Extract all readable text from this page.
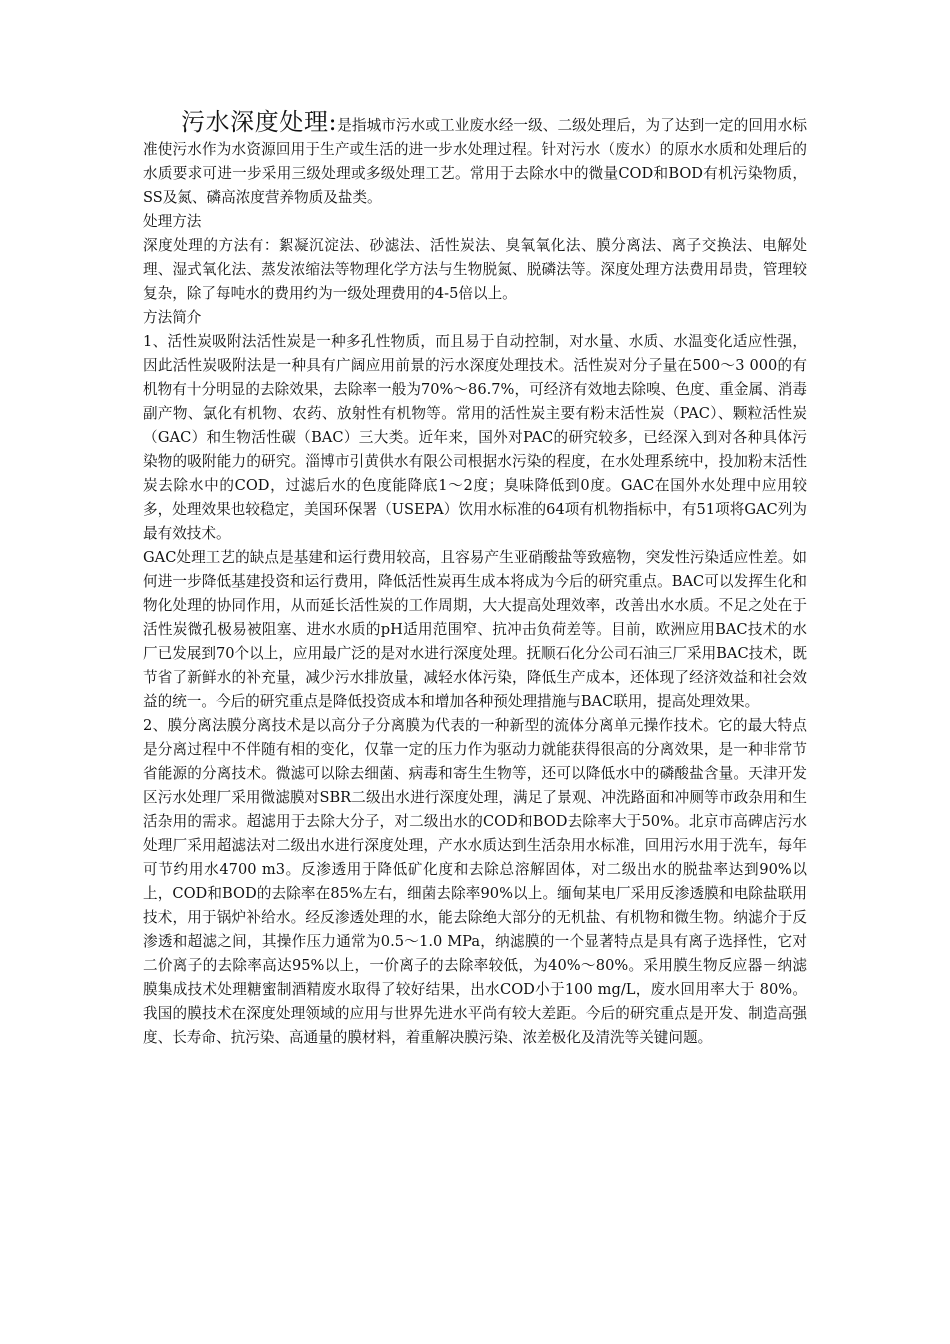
污水深度处理:是指城市污水或工业废水经一级、二级处理后，为了达到一定的回用水标准使污水作为水资源回用于生产或生活的进一步水处理过程。针对污水（废水）的原水水质和处理后的水质要求可进一步采用三级处理或多级处理工艺。常用于去除水中的微量COD和BOD有机污染物质，SS及氮、磷高浓度营养物质及盐类。

处理方法

深度处理的方法有：絮凝沉淀法、砂滤法、活性炭法、臭氧氧化法、膜分离法、离子交换法、电解处理、湿式氧化法、蒸发浓缩法等物理化学方法与生物脱氮、脱磷法等。深度处理方法费用昂贵，管理较复杂，除了每吨水的费用约为一级处理费用的4-5倍以上。

方法简介

1、活性炭吸附法活性炭是一种多孔性物质，而且易于自动控制，对水量、水质、水温变化适应性强，因此活性炭吸附法是一种具有广阔应用前景的污水深度处理技术。活性炭对分子量在500～3 000的有机物有十分明显的去除效果，去除率一般为70%～86.7%，可经济有效地去除嗅、色度、重金属、消毒副产物、氯化有机物、农药、放射性有机物等。常用的活性炭主要有粉末活性炭（PAC）、颗粒活性炭（GAC）和生物活性碳（BAC）三大类。近年来，国外对PAC的研究较多，已经深入到对各种具体污染物的吸附能力的研究。淄博市引黄供水有限公司根据水污染的程度，在水处理系统中，投加粉末活性炭去除水中的COD，过滤后水的色度能降底1～2度；臭味降低到0度。GAC在国外水处理中应用较多，处理效果也较稳定，美国环保署（USEPA）饮用水标准的64项有机物指标中，有51项将GAC列为最有效技术。

GAC处理工艺的缺点是基建和运行费用较高，且容易产生亚硝酸盐等致癌物，突发性污染适应性差。如何进一步降低基建投资和运行费用，降低活性炭再生成本将成为今后的研究重点。BAC可以发挥生化和物化处理的协同作用，从而延长活性炭的工作周期，大大提高处理效率，改善出水水质。不足之处在于活性炭微孔极易被阻塞、进水水质的pH适用范围窄、抗冲击负荷差等。目前，欧洲应用BAC技术的水厂已发展到70个以上，应用最广泛的是对水进行深度处理。抚顺石化分公司石油三厂采用BAC技术，既节省了新鲜水的补充量，减少污水排放量，减轻水体污染，降低生产成本，还体现了经济效益和社会效益的统一。今后的研究重点是降低投资成本和增加各种预处理措施与BAC联用，提高处理效果。

2、膜分离法膜分离技术是以高分子分离膜为代表的一种新型的流体分离单元操作技术。它的最大特点是分离过程中不伴随有相的变化，仅靠一定的压力作为驱动力就能获得很高的分离效果，是一种非常节省能源的分离技术。微滤可以除去细菌、病毒和寄生生物等，还可以降低水中的磷酸盐含量。天津开发区污水处理厂采用微滤膜对SBR二级出水进行深度处理，满足了景观、冲洗路面和冲厕等市政杂用和生活杂用的需求。超滤用于去除大分子，对二级出水的COD和BOD去除率大于50%。北京市高碑店污水处理厂采用超滤法对二级出水进行深度处理，产水水质达到生活杂用水标准，回用污水用于洗车，每年可节约用水4700 m3。反渗透用于降低矿化度和去除总溶解固体，对二级出水的脱盐率达到90%以上，COD和BOD的去除率在85%左右，细菌去除率90%以上。缅甸某电厂采用反渗透膜和电除盐联用技术，用于锅炉补给水。经反渗透处理的水，能去除绝大部分的无机盐、有机物和微生物。纳滤介于反渗透和超滤之间，其操作压力通常为0.5～1.0 MPa，纳滤膜的一个显著特点是具有离子选择性，它对二价离子的去除率高达95%以上，一价离子的去除率较低，为40%～80%。采用膜生物反应器－纳滤膜集成技术处理糖蜜制酒精废水取得了较好结果，出水COD小于100 mg/L，废水回用率大于 80%。我国的膜技术在深度处理领域的应用与世界先进水平尚有较大差距。今后的研究重点是开发、制造高强度、长寿命、抗污染、高通量的膜材料，着重解决膜污染、浓差极化及清洗等关键问题。
